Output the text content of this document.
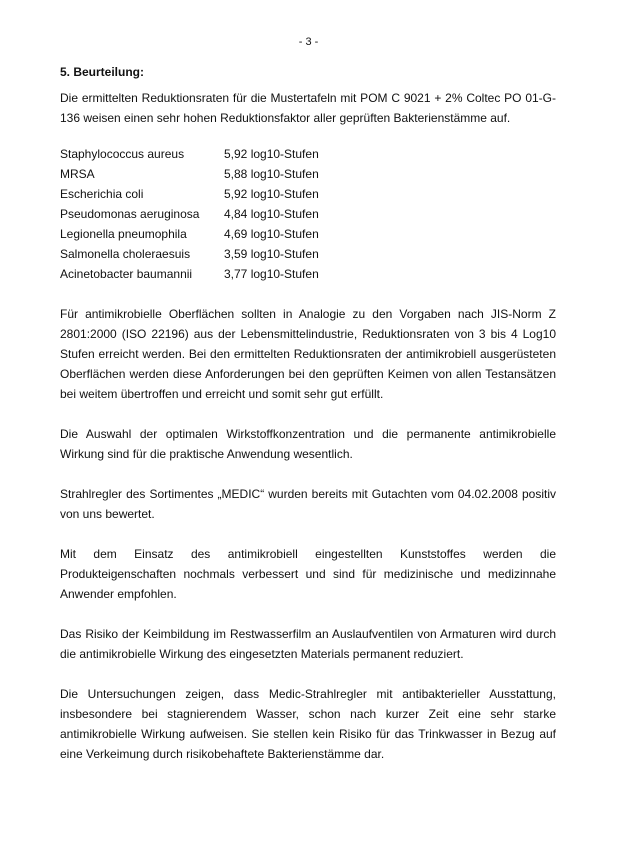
- 3 -
5. Beurteilung:

Die ermittelten Reduktionsraten für die Mustertafeln mit POM C 9021 + 2% Coltec PO 01-G-136 weisen einen sehr hohen Reduktionsfaktor aller geprüften Bakterienstämme auf.

Staphylococcus aureus	5,92 log10-Stufen
MRSA	5,88 log10-Stufen
Escherichia coli	5,92 log10-Stufen
Pseudomonas aeruginosa	4,84 log10-Stufen
Legionella pneumophila	4,69 log10-Stufen
Salmonella choleraesuis	3,59 log10-Stufen
Acinetobacter baumannii	3,77 log10-Stufen

Für antimikrobielle Oberflächen sollten in Analogie zu den Vorgaben nach JIS-Norm Z 2801:2000 (ISO 22196) aus der Lebensmittelindustrie, Reduktionsraten von 3 bis 4 Log10 Stufen erreicht werden. Bei den ermittelten Reduktionsraten der antimikrobiell ausgerüsteten Oberflächen werden diese Anforderungen bei den geprüften Keimen von allen Testansätzen bei weitem übertroffen und erreicht und somit sehr gut erfüllt.

Die Auswahl der optimalen Wirkstoffkonzentration und die permanente antimikrobielle Wirkung sind für die praktische Anwendung wesentlich.

Strahlregler des Sortimentes „MEDIC“ wurden bereits mit Gutachten vom 04.02.2008 positiv von uns bewertet.

Mit dem Einsatz des antimikrobiell eingestellten Kunststoffes werden die Produkteigenschaften nochmals verbessert und sind für medizinische und medizinnahe Anwender empfohlen.

Das Risiko der Keimbildung im Restwasserfilm an Auslaufventilen von Armaturen wird durch die antimikrobielle Wirkung des eingesetzten Materials permanent reduziert.

Die Untersuchungen zeigen, dass Medic-Strahlregler mit antibakterieller Ausstattung, insbesondere bei stagnierendem Wasser, schon nach kurzer Zeit eine sehr starke antimikrobielle Wirkung aufweisen. Sie stellen kein Risiko für das Trinkwasser in Bezug auf eine Verkeimung durch risikobehaftete Bakterienstämme dar.
